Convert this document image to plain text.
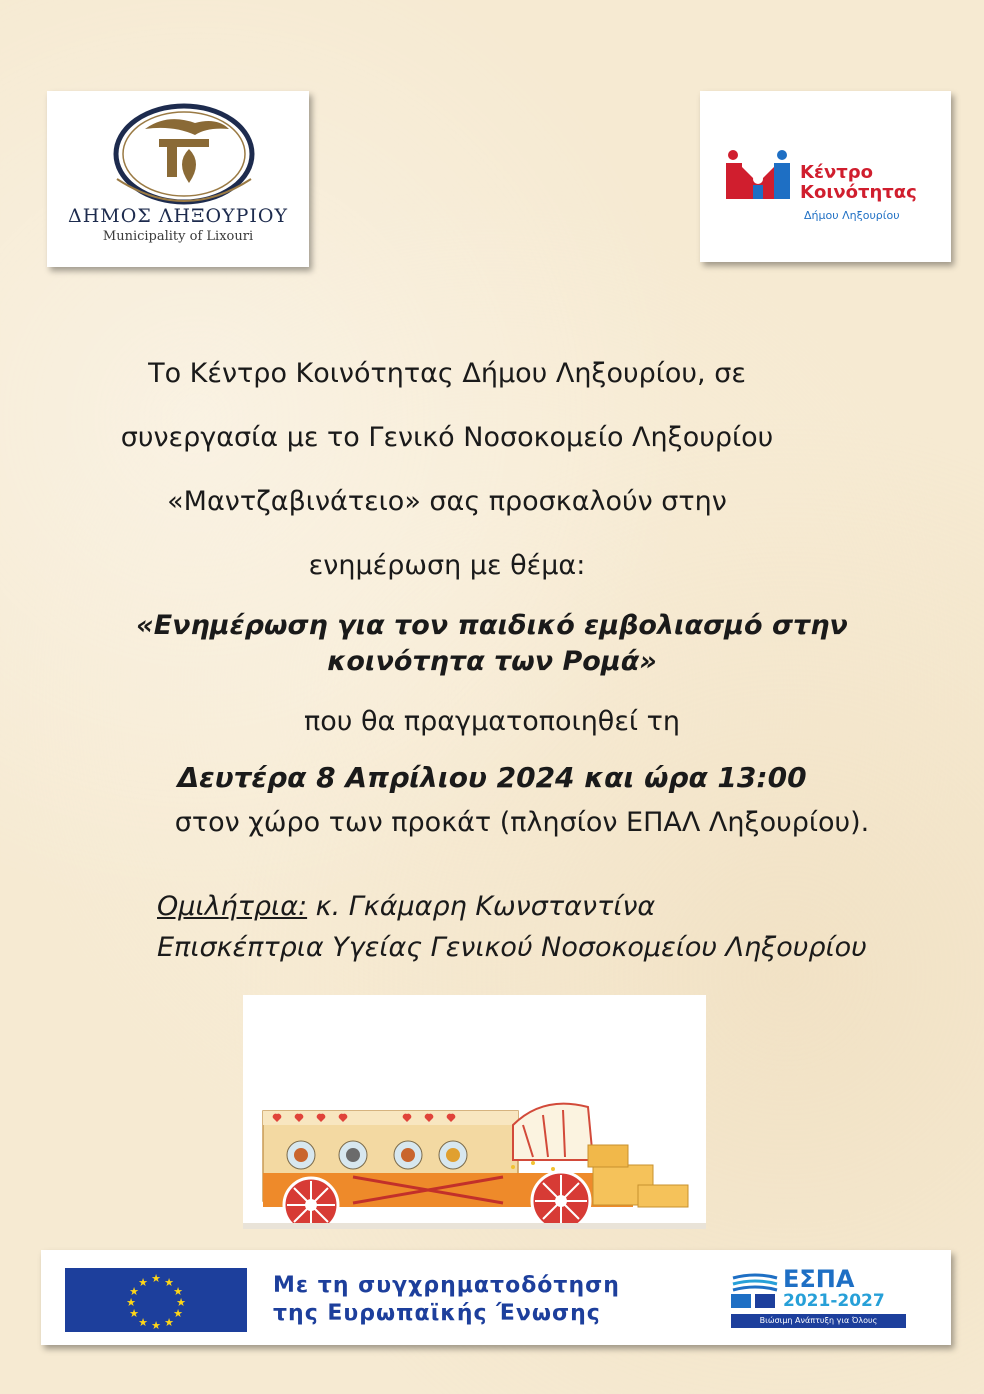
ΔΗΜΟΣ ΛΗΞΟΥΡΙΟΥ
Municipality of Lixouri
Κέντρο
Κοινότητας
Δήμου Ληξουρίου
Το Κέντρο Κοινότητας Δήμου Ληξουρίου, σε
συνεργασία με το Γενικό Νοσοκομείο Ληξουρίου
«Μαντζαβινάτειο» σας προσκαλούν στην
ενημέρωση με θέμα:
«Ενημέρωση για τον παιδικό εμβολιασμό στην
κοινότητα των Ρομά»
που θα πραγματοποιηθεί τη
Δευτέρα 8 Απρίλιου 2024 και ώρα 13:00
στον χώρο των προκάτ (πλησίον ΕΠΑΛ Ληξουρίου).
Ομιλήτρια: κ. Γκάμαρη Κωνσταντίνα
Επισκέπτρια Υγείας Γενικού Νοσοκομείου Ληξουρίου
★ ★
★
★
★
★
★
★
★
★
★
★	Με τη συγχρηματοδότηση
της Ευρωπαϊκής Ένωσης
ΕΣΠΑ
2021-2027
Βιώσιμη Ανάπτυξη για Όλους
